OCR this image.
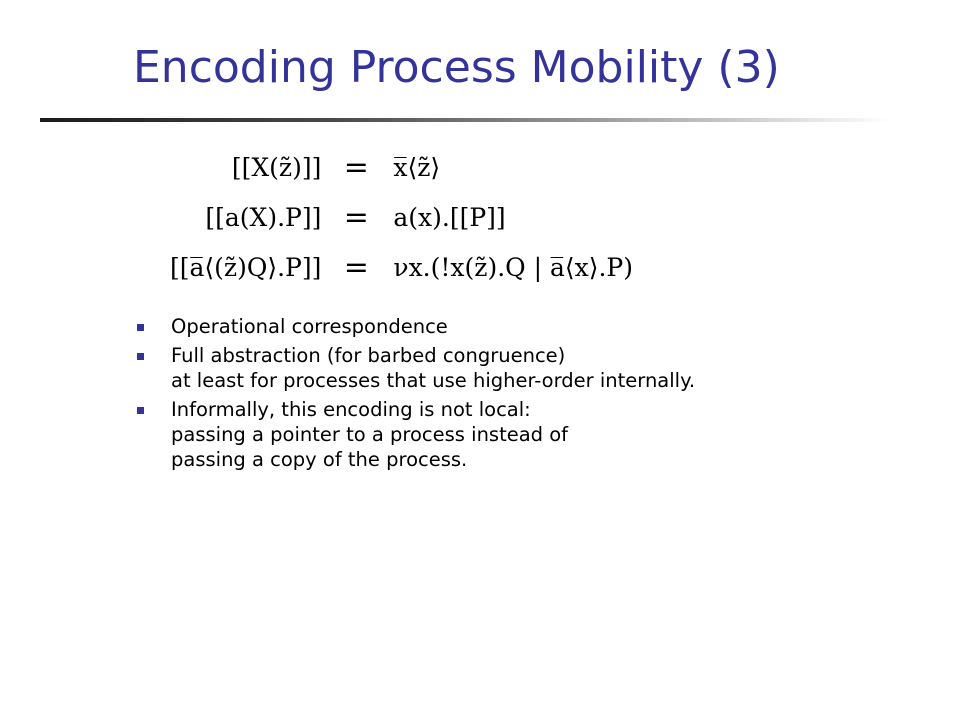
Encoding Process Mobility (3)
[[X(z̃)]]	=	x̅⟨z̃⟩
[[a(X).P]]	=	a(x).[[P]]
[[a̅⟨(z̃)Q⟩.P]]	=	νx.(!x(z̃).Q | a̅⟨x⟩.P)
Operational correspondence
Full abstraction (for barbed congruence)
at least for processes that use higher-order internally.
Informally, this encoding is not local:
passing a pointer to a process instead of
passing a copy of the process.
